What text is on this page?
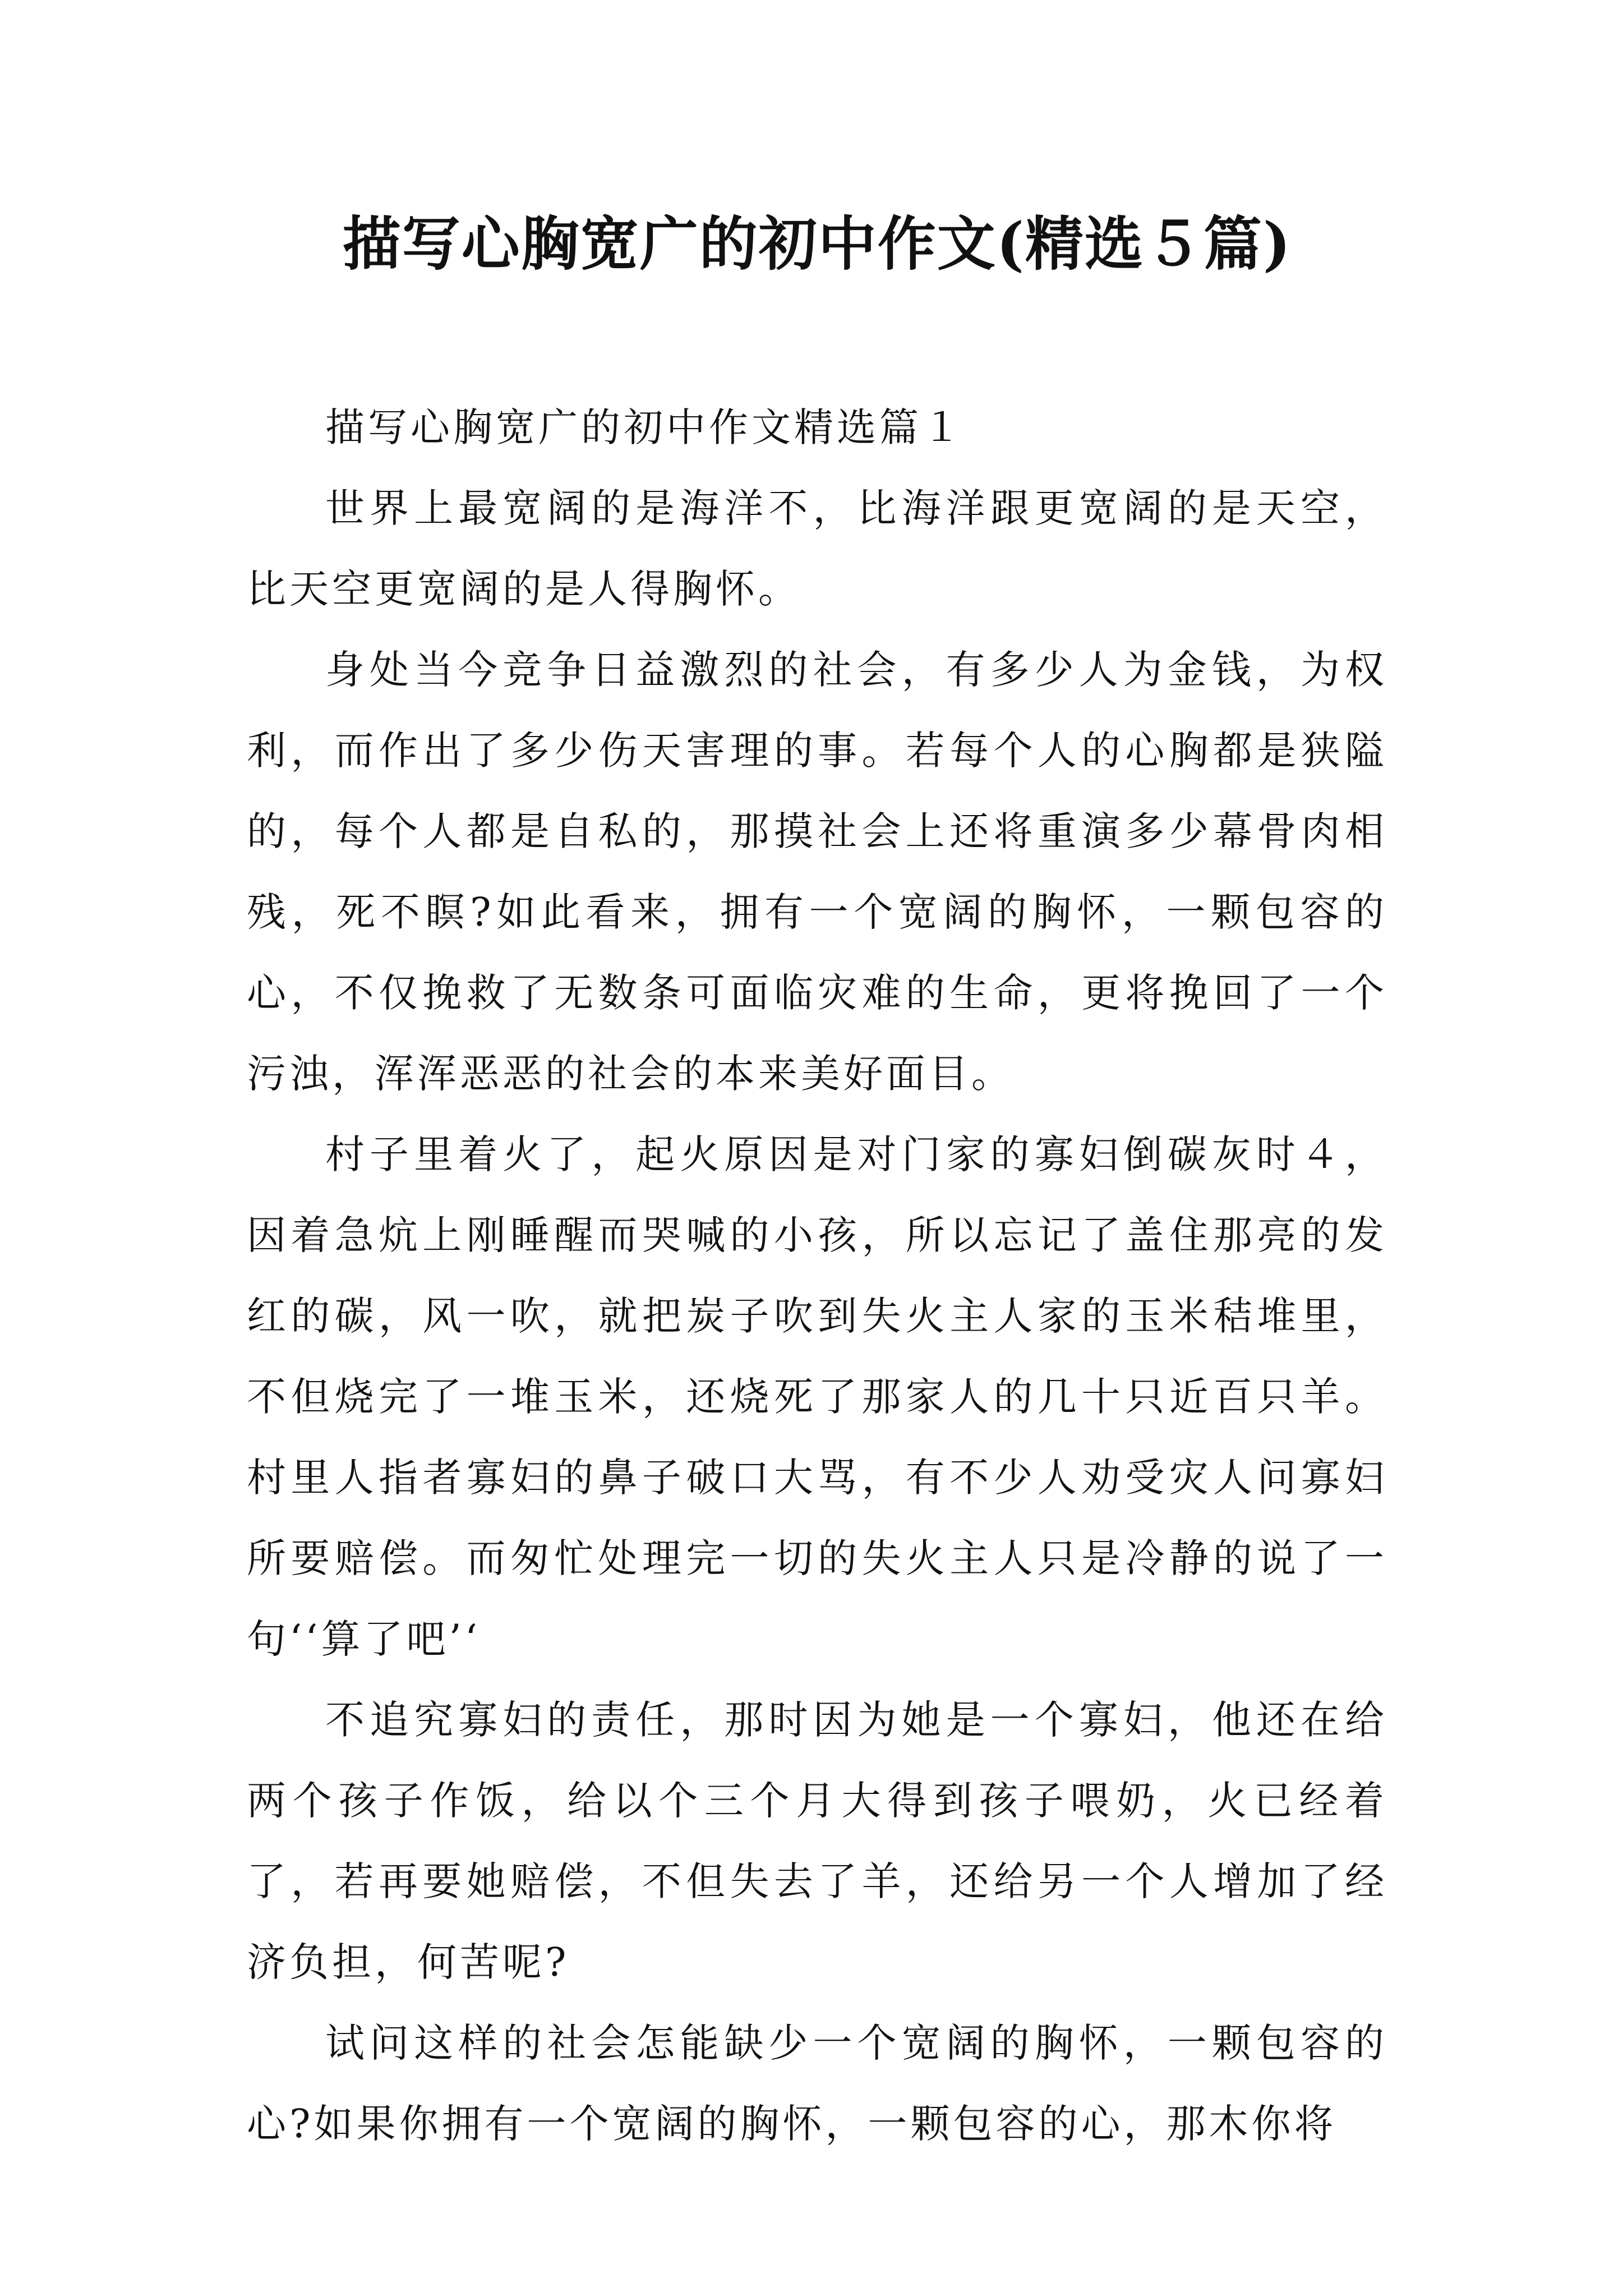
描写心胸宽广的初中作文(精选５篇)

描写心胸宽广的初中作文精选篇１

世界上最宽阔的是海洋不，比海洋跟更宽阔的是天空，比天空更宽阔的是人得胸怀。

身处当今竞争日益激烈的社会，有多少人为金钱，为权利，而作出了多少伤天害理的事。若每个人的心胸都是狭隘的，每个人都是自私的，那摸社会上还将重演多少幕骨肉相残，死不瞑?如此看来，拥有一个宽阔的胸怀，一颗包容的心，不仅挽救了无数条可面临灾难的生命，更将挽回了一个污浊，浑浑恶恶的社会的本来美好面目。

村子里着火了，起火原因是对门家的寡妇倒碳灰时４，因着急炕上刚睡醒而哭喊的小孩，所以忘记了盖住那亮的发红的碳，风一吹，就把炭子吹到失火主人家的玉米秸堆里，不但烧完了一堆玉米，还烧死了那家人的几十只近百只羊。村里人指者寡妇的鼻子破口大骂，有不少人劝受灾人问寡妇所要赔偿。而匆忙处理完一切的失火主人只是冷静的说了一句‘‘算了吧’‘

不追究寡妇的责任，那时因为她是一个寡妇，他还在给两个孩子作饭，给以个三个月大得到孩子喂奶，火已经着了，若再要她赔偿，不但失去了羊，还给另一个人增加了经济负担，何苦呢?

试问这样的社会怎能缺少一个宽阔的胸怀，一颗包容的心?如果你拥有一个宽阔的胸怀，一颗包容的心，那木你将
